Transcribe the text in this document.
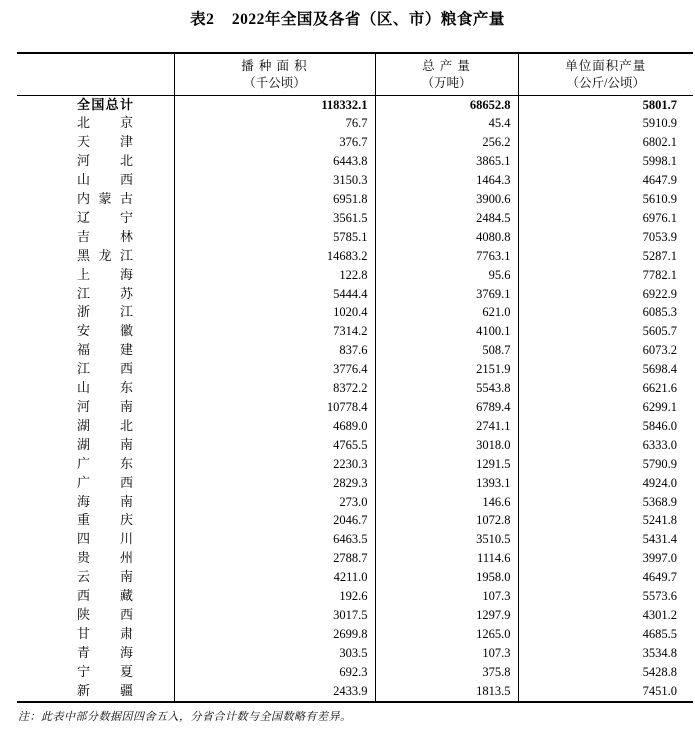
表2    2022年全国及各省（区、市）粮食产量

播 种 面 积
（千公顷）

总 产 量
（万吨）

单位面积产量
（公斤/公顷）

全国总计	118332.1	68652.8	5801.7
北京	76.7	45.4	5910.9
天津	376.7	256.2	6802.1
河北	6443.8	3865.1	5998.1
山西	3150.3	1464.3	4647.9
内蒙古	6951.8	3900.6	5610.9
辽宁	3561.5	2484.5	6976.1
吉林	5785.1	4080.8	7053.9
黑龙江	14683.2	7763.1	5287.1
上海	122.8	95.6	7782.1
江苏	5444.4	3769.1	6922.9
浙江	1020.4	621.0	6085.3
安徽	7314.2	4100.1	5605.7
福建	837.6	508.7	6073.2
江西	3776.4	2151.9	5698.4
山东	8372.2	5543.8	6621.6
河南	10778.4	6789.4	6299.1
湖北	4689.0	2741.1	5846.0
湖南	4765.5	3018.0	6333.0
广东	2230.3	1291.5	5790.9
广西	2829.3	1393.1	4924.0
海南	273.0	146.6	5368.9
重庆	2046.7	1072.8	5241.8
四川	6463.5	3510.5	5431.4
贵州	2788.7	1114.6	3997.0
云南	4211.0	1958.0	4649.7
西藏	192.6	107.3	5573.6
陕西	3017.5	1297.9	4301.2
甘肃	2699.8	1265.0	4685.5
青海	303.5	107.3	3534.8
宁夏	692.3	375.8	5428.8
新疆	2433.9	1813.5	7451.0
注：此表中部分数据因四舍五入，分省合计数与全国数略有差异。
